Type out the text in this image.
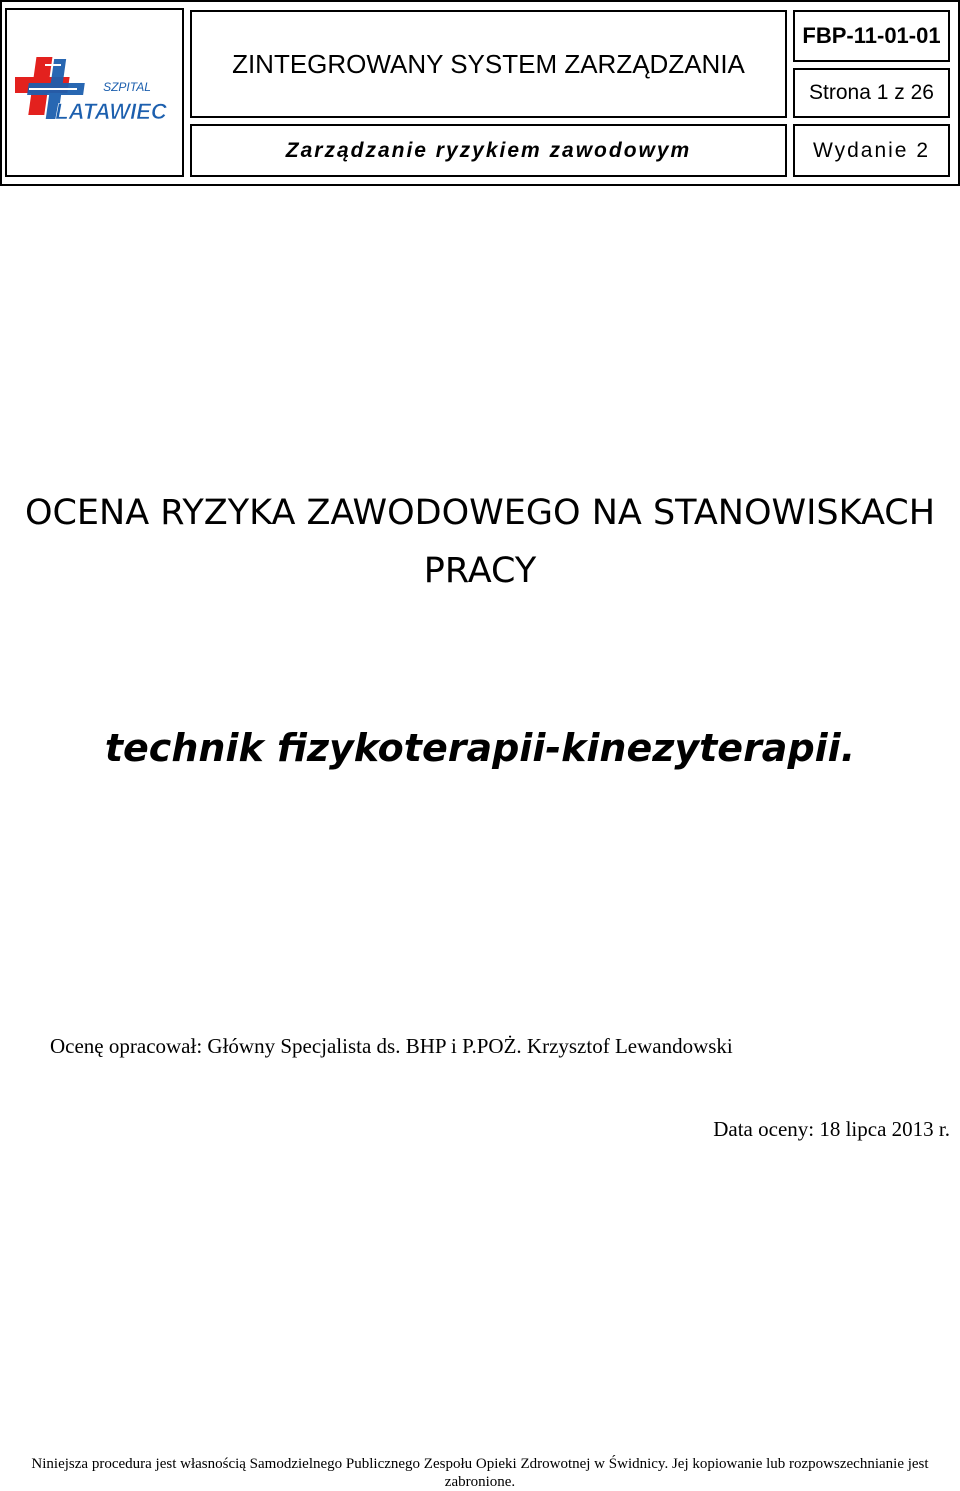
SZPITAL
LATAWIEC
ZINTEGROWANY SYSTEM ZARZĄDZANIA
FBP-11-01-01
Strona 1 z 26
Zarządzanie ryzykiem zawodowym	Wydanie 2
OCENA RYZYKA ZAWODOWEGO NA STANOWISKACH
PRACY
technik fizykoterapii-kinezyterapii.
Ocenę opracował: Główny Specjalista ds. BHP i P.POŻ. Krzysztof Lewandowski
Data oceny: 18 lipca 2013 r.
Niniejsza procedura jest własnością Samodzielnego Publicznego Zespołu Opieki Zdrowotnej w Świdnicy. Jej kopiowanie lub rozpowszechnianie jest
zabronione.
